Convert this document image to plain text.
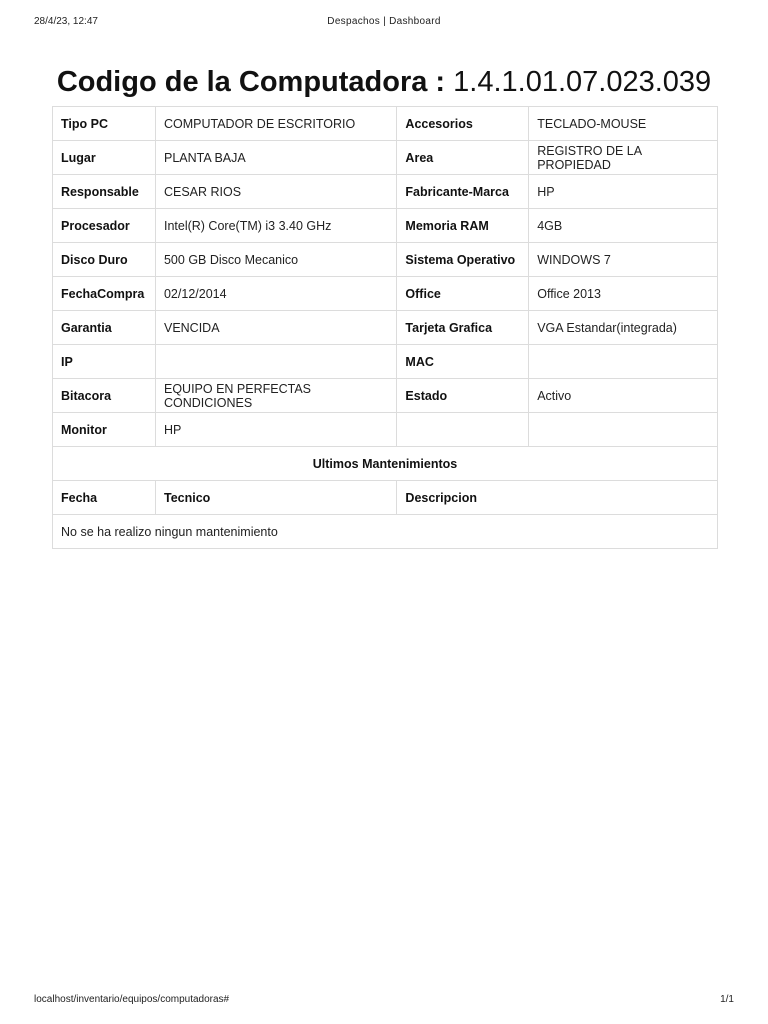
28/4/23, 12:47	Despachos | Dashboard
Codigo de la Computadora : 1.4.1.01.07.023.039
Tipo PC	COMPUTADOR DE ESCRITORIO	Accesorios	TECLADO-MOUSE
Lugar	PLANTA BAJA	Area	REGISTRO DE LA PROPIEDAD
Responsable	CESAR RIOS	Fabricante-Marca	HP
Procesador	Intel(R) Core(TM) i3 3.40 GHz	Memoria RAM	4GB
Disco Duro	500 GB Disco Mecanico	Sistema Operativo	WINDOWS 7
FechaCompra	02/12/2014	Office	Office 2013
Garantia	VENCIDA	Tarjeta Grafica	VGA Estandar(integrada)
IP		MAC	
Bitacora	EQUIPO EN PERFECTAS CONDICIONES	Estado	Activo
Monitor	HP		
Ultimos Mantenimientos			
Fecha	Tecnico	Descripcion	
No se ha realizo ningun mantenimiento			
localhost/inventario/equipos/computadoras#	1/1
